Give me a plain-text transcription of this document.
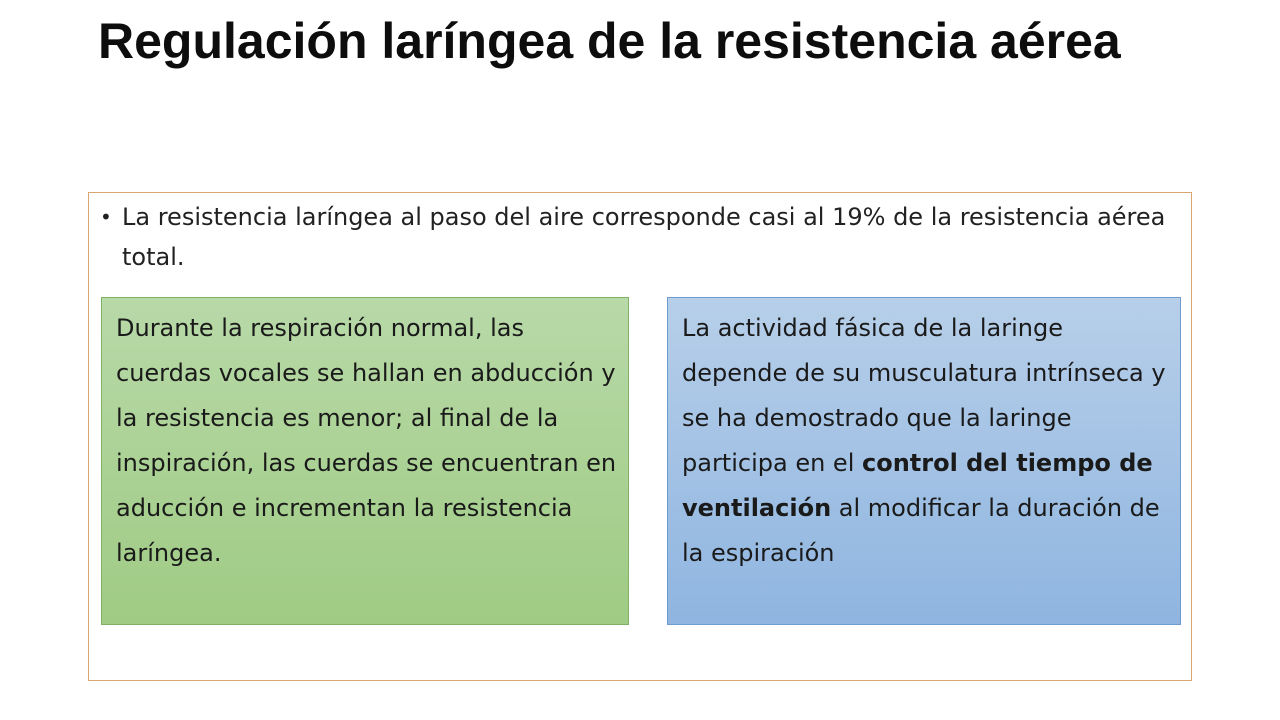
Regulación laríngea de la resistencia aérea
• La resistencia laríngea al paso del aire corresponde casi al 19% de la resistencia aérea total.
Durante la respiración normal, las cuerdas vocales se hallan en abducción y la resistencia es menor; al final de la inspiración, las cuerdas se encuentran en aducción e incrementan la resistencia laríngea.
La actividad fásica de la laringe depende de su musculatura intrínseca y se ha demostrado que la laringe participa en el control del tiempo de ventilación al modificar la duración de la espiración
